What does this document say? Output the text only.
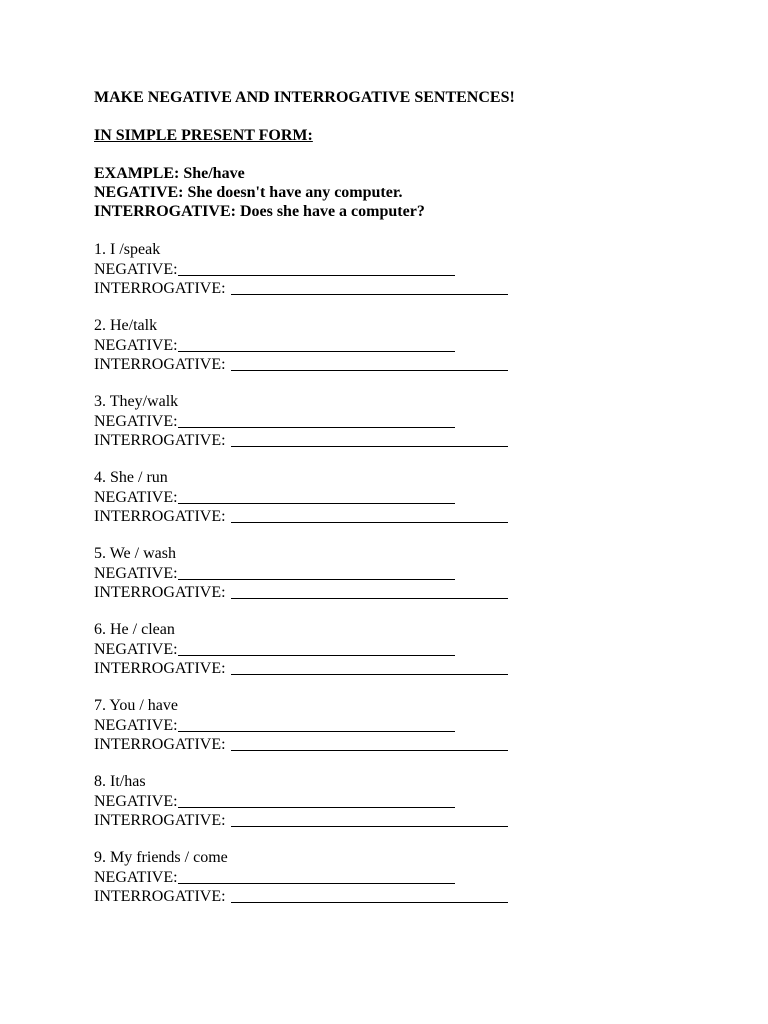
MAKE NEGATIVE AND INTERROGATIVE SENTENCES!
IN SIMPLE PRESENT FORM:
EXAMPLE: She/have
NEGATIVE: She doesn't have any computer.
INTERROGATIVE: Does she have a computer?
1. I /speak
NEGATIVE:
INTERROGATIVE:
2. He/talk
NEGATIVE:
INTERROGATIVE:
3. They/walk
NEGATIVE:
INTERROGATIVE:
4. She / run
NEGATIVE:
INTERROGATIVE:
5. We / wash
NEGATIVE:
INTERROGATIVE:
6. He / clean
NEGATIVE:
INTERROGATIVE:
7. You / have
NEGATIVE:
INTERROGATIVE:
8. It/has
NEGATIVE:
INTERROGATIVE:
9. My friends / come
NEGATIVE:
INTERROGATIVE:
